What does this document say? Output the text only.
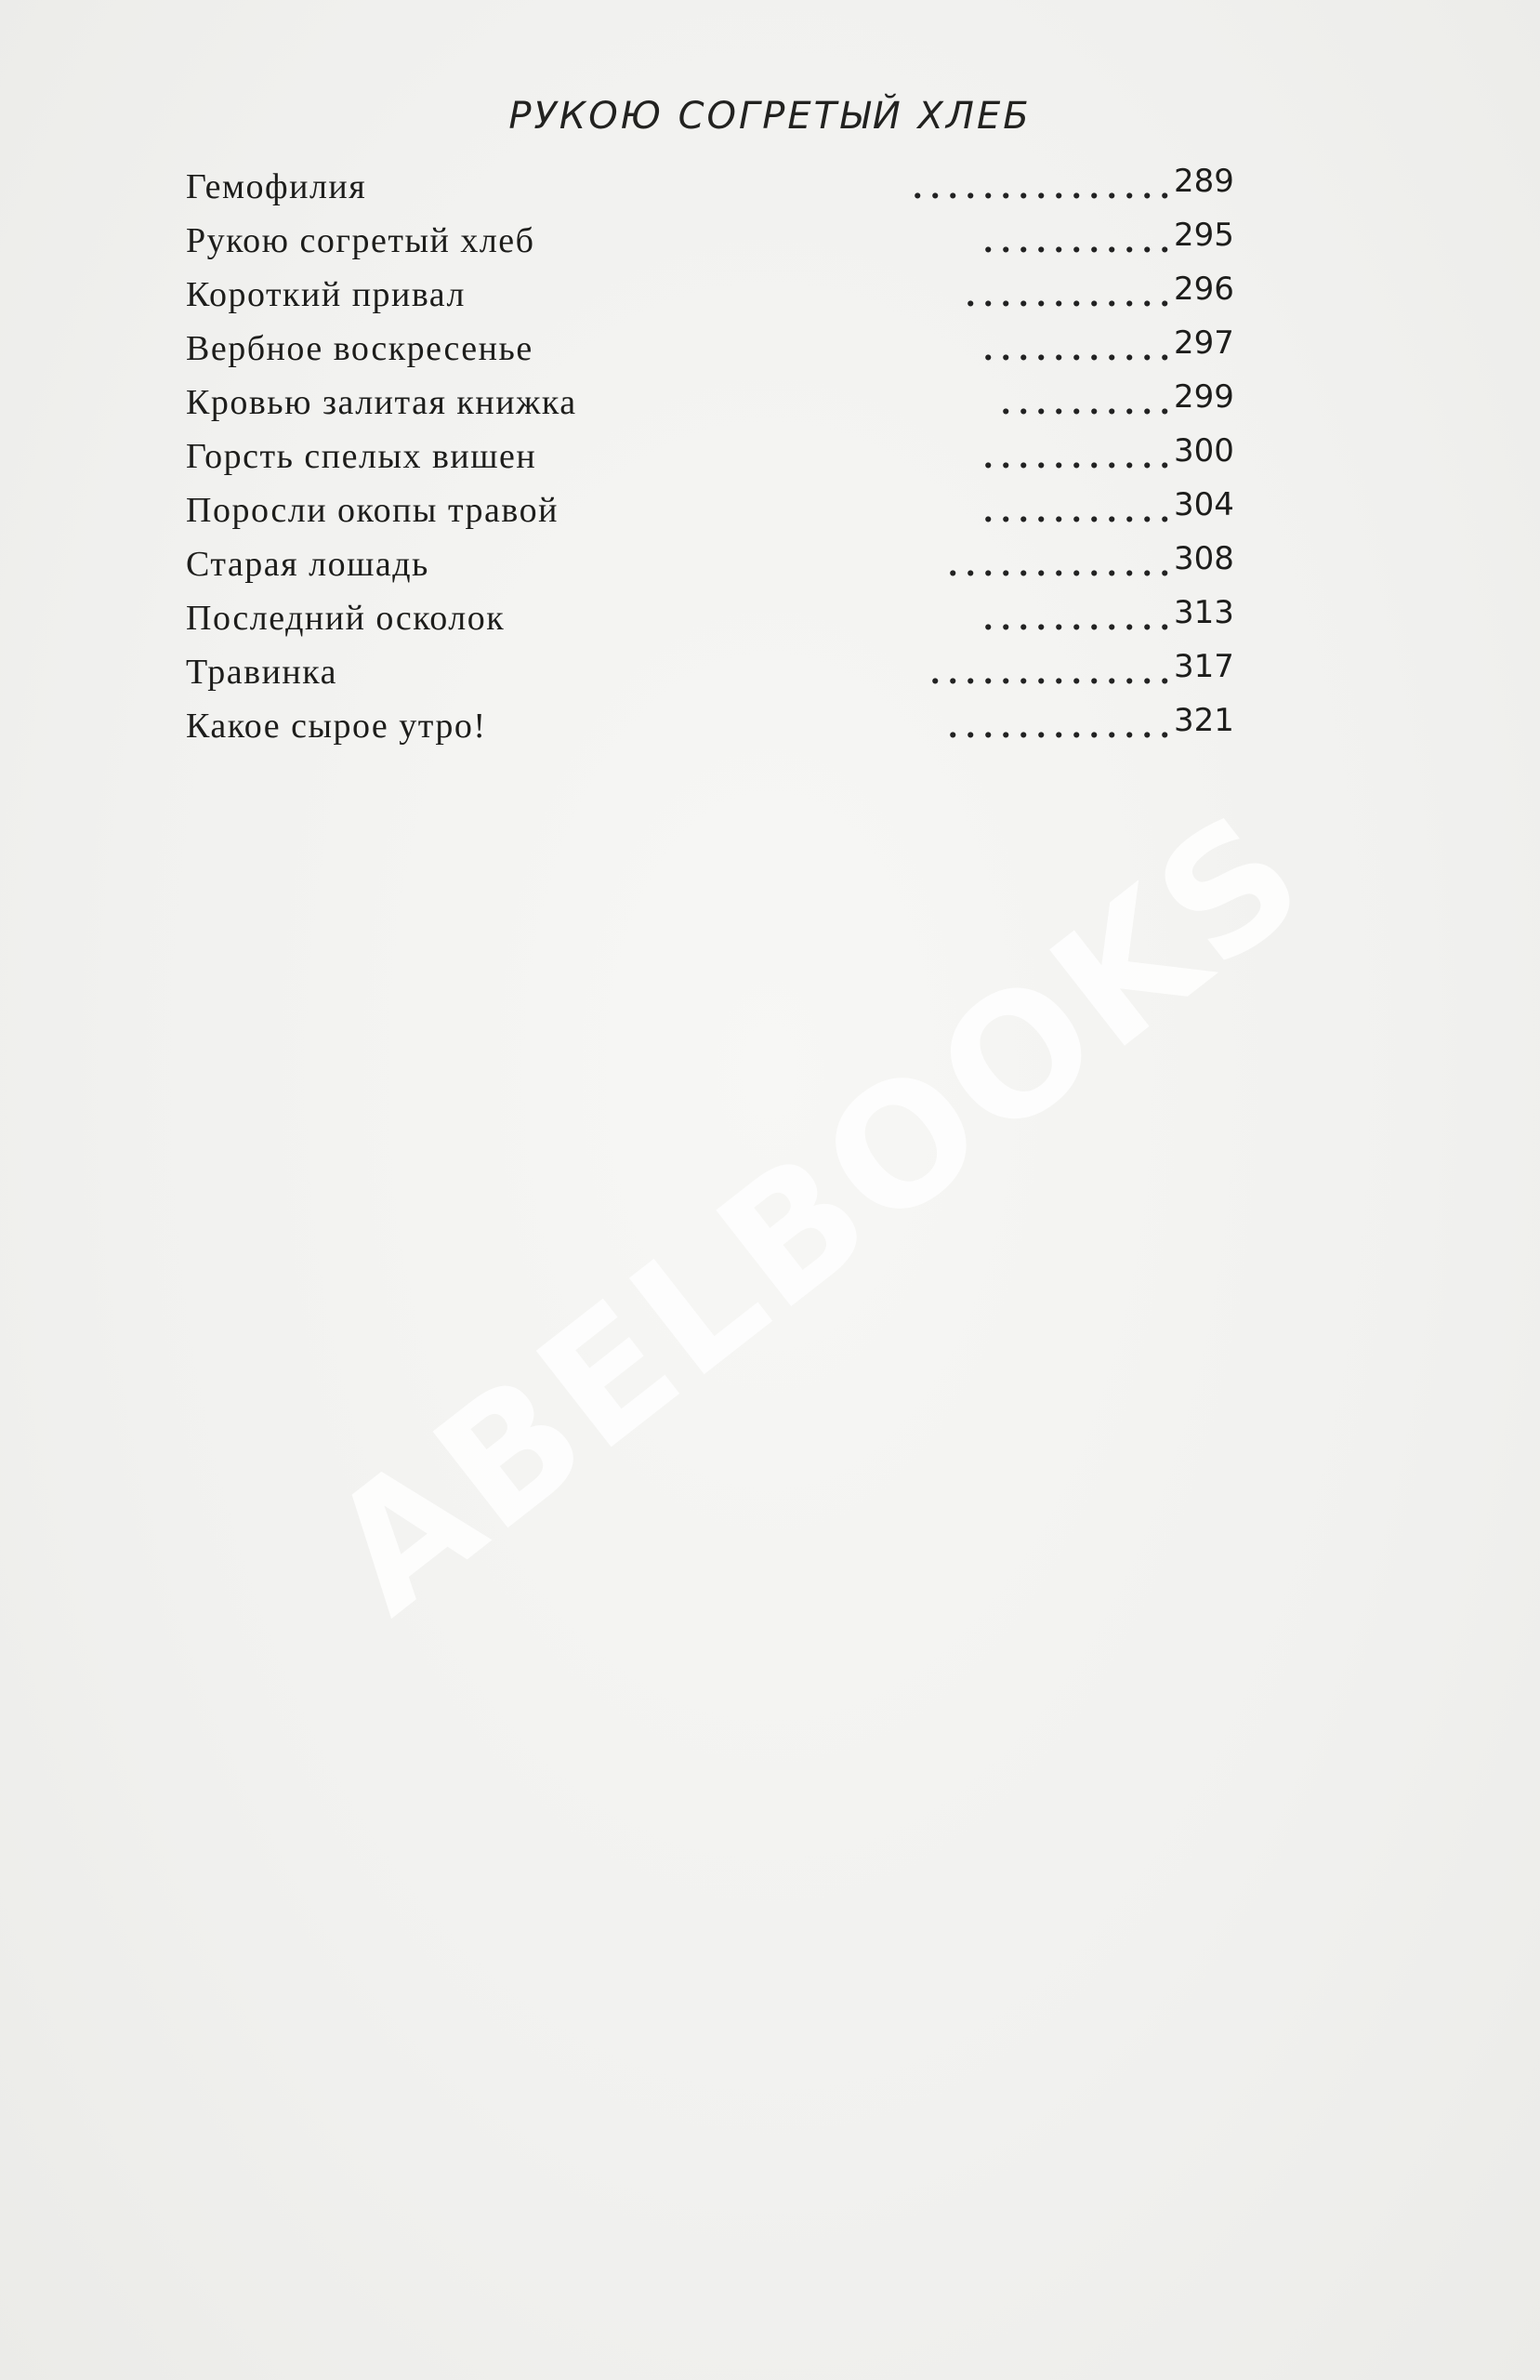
РУКОЮ СОГРЕТЫЙ ХЛЕБ
Гемофилия	. . . . . . . . . . . . . . . 289
Рукою согретый хлеб	. . . . . . . . . . . 295
Короткий привал	. . . . . . . . . . . . 296
Вербное воскресенье	. . . . . . . . . . . 297
Кровью залитая книжка	. . . . . . . . . . 299
Горсть спелых вишен	. . . . . . . . . . . 300
Поросли окопы травой	. . . . . . . . . . . 304
Старая лошадь	. . . . . . . . . . . . . 308
Последний осколок	. . . . . . . . . . . 313
Травинка	. . . . . . . . . . . . . . 317
Какое сырое утро!	. . . . . . . . . . . . . 321
ABELBOOKS
